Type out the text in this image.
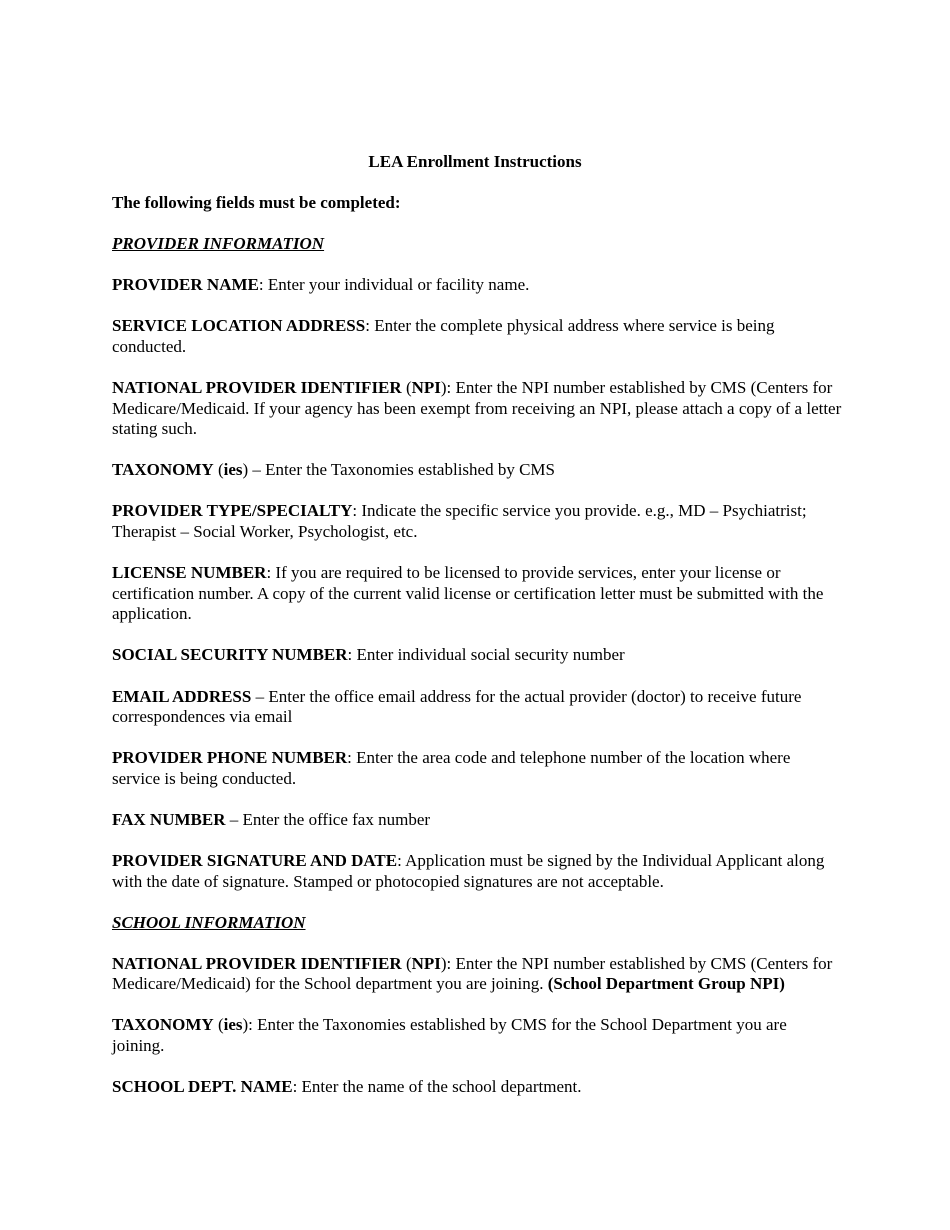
LEA Enrollment Instructions
The following fields must be completed:
PROVIDER INFORMATION
PROVIDER NAME: Enter your individual or facility name.
SERVICE LOCATION ADDRESS: Enter the complete physical address where service is being conducted.
NATIONAL PROVIDER IDENTIFIER (NPI): Enter the NPI number established by CMS (Centers for Medicare/Medicaid. If your agency has been exempt from receiving an NPI, please attach a copy of a letter stating such.
TAXONOMY (ies) – Enter the Taxonomies established by CMS
PROVIDER TYPE/SPECIALTY: Indicate the specific service you provide. e.g., MD – Psychiatrist; Therapist – Social Worker, Psychologist, etc.
LICENSE NUMBER: If you are required to be licensed to provide services, enter your license or certification number. A copy of the current valid license or certification letter must be submitted with the application.
SOCIAL SECURITY NUMBER: Enter individual social security number
EMAIL ADDRESS – Enter the office email address for the actual provider (doctor) to receive future correspondences via email
PROVIDER PHONE NUMBER: Enter the area code and telephone number of the location where service is being conducted.
FAX NUMBER – Enter the office fax number
PROVIDER SIGNATURE AND DATE: Application must be signed by the Individual Applicant along with the date of signature. Stamped or photocopied signatures are not acceptable.
SCHOOL INFORMATION
NATIONAL PROVIDER IDENTIFIER (NPI): Enter the NPI number established by CMS (Centers for Medicare/Medicaid) for the School department you are joining. (School Department Group NPI)
TAXONOMY (ies): Enter the Taxonomies established by CMS for the School Department you are joining.
SCHOOL DEPT. NAME: Enter the name of the school department.
